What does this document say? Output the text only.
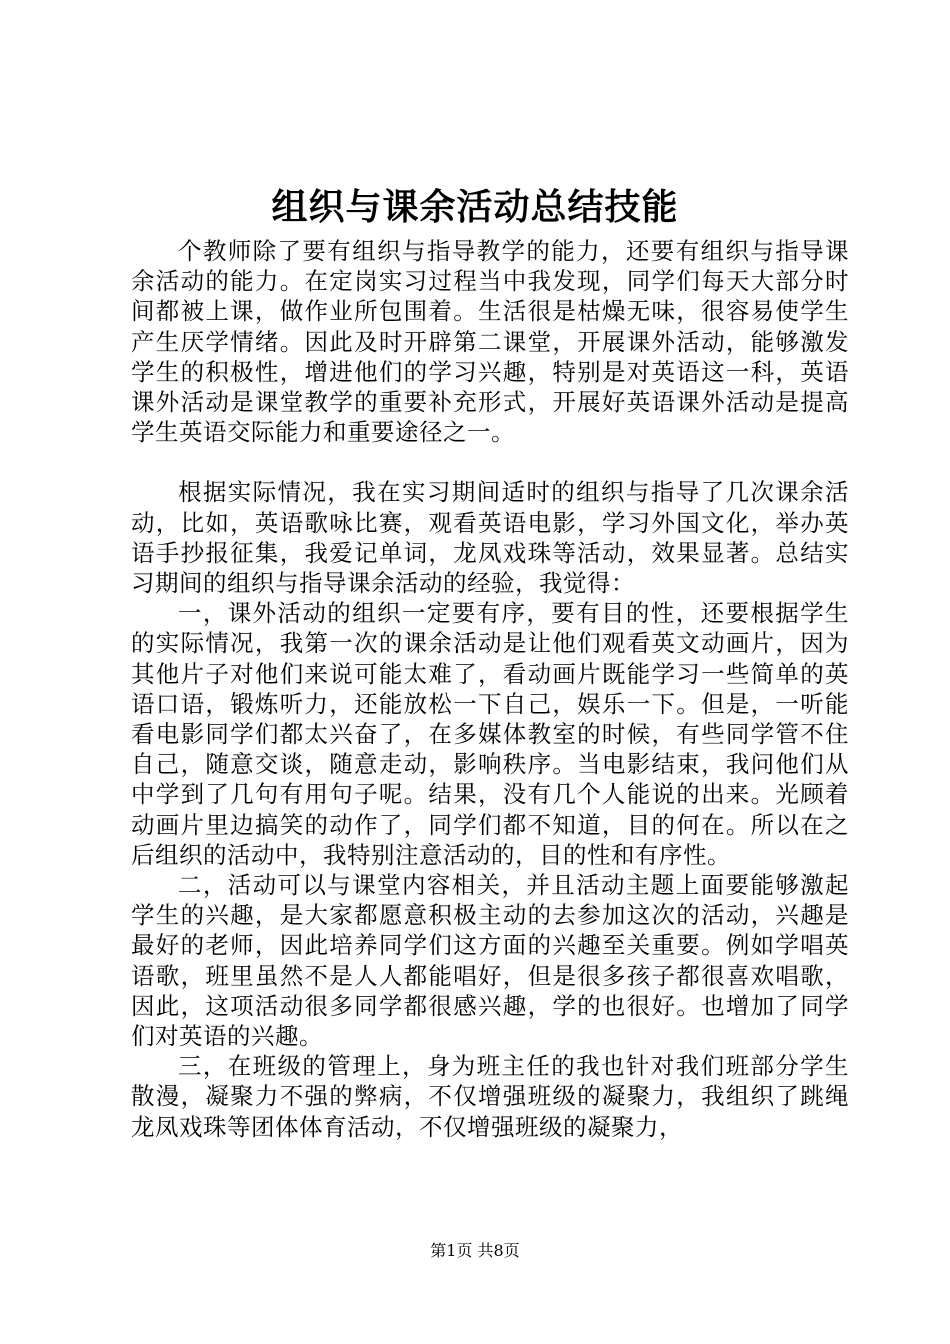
组织与课余活动总结技能

个教师除了要有组织与指导教学的能力，还要有组织与指导课余活动的能力。在定岗实习过程当中我发现，同学们每天大部分时间都被上课，做作业所包围着。生活很是枯燥无味，很容易使学生产生厌学情绪。因此及时开辟第二课堂，开展课外活动，能够激发学生的积极性，增进他们的学习兴趣，特别是对英语这一科，英语课外活动是课堂教学的重要补充形式，开展好英语课外活动是提高学生英语交际能力和重要途径之一。

根据实际情况，我在实习期间适时的组织与指导了几次课余活动，比如，英语歌咏比赛，观看英语电影，学习外国文化，举办英语手抄报征集，我爱记单词，龙凤戏珠等活动，效果显著。总结实习期间的组织与指导课余活动的经验，我觉得：

一，课外活动的组织一定要有序，要有目的性，还要根据学生的实际情况，我第一次的课余活动是让他们观看英文动画片，因为其他片子对他们来说可能太难了，看动画片既能学习一些简单的英语口语，锻炼听力，还能放松一下自己，娱乐一下。但是，一听能看电影同学们都太兴奋了，在多媒体教室的时候，有些同学管不住自己，随意交谈，随意走动，影响秩序。当电影结束，我问他们从中学到了几句有用句子呢。结果，没有几个人能说的出来。光顾着动画片里边搞笑的动作了，同学们都不知道，目的何在。所以在之后组织的活动中，我特别注意活动的，目的性和有序性。

二，活动可以与课堂内容相关，并且活动主题上面要能够激起学生的兴趣，是大家都愿意积极主动的去参加这次的活动，兴趣是最好的老师，因此培养同学们这方面的兴趣至关重要。例如学唱英语歌，班里虽然不是人人都能唱好，但是很多孩子都很喜欢唱歌，因此，这项活动很多同学都很感兴趣，学的也很好。也增加了同学们对英语的兴趣。

三，在班级的管理上，身为班主任的我也针对我们班部分学生散漫，凝聚力不强的弊病，不仅增强班级的凝聚力，我组织了跳绳龙凤戏珠等团体体育活动，不仅增强班级的凝聚力，

第1页 共8页
